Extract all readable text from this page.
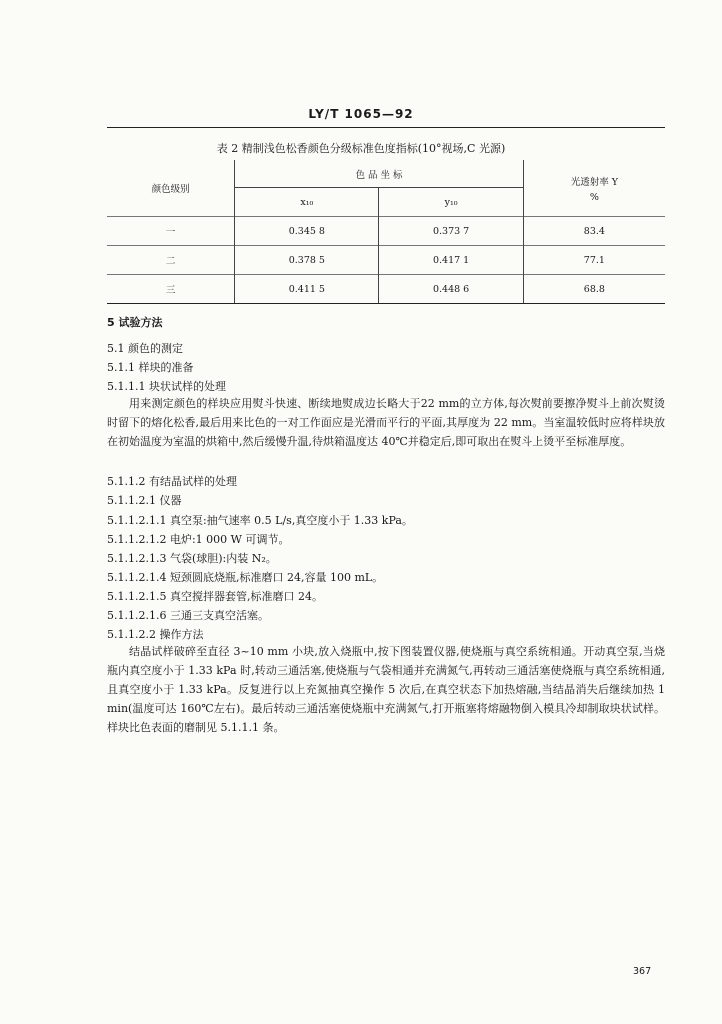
LY/T 1065—92
表 2 精制浅色松香颜色分级标准色度指标(10°视场,C 光源)
颜色级别	色 品 坐 标		光透射率 Y
%

	x₁₀	y₁₀	
一	0.345 8	0.373 7	83.4
二	0.378 5	0.417 1	77.1
三	0.411 5	0.448 6	68.8
5 试验方法
5.1 颜色的测定
5.1.1 样块的准备
5.1.1.1 块状试样的处理
用来测定颜色的样块应用熨斗快速、断续地熨成边长略大于22 mm的立方体,每次熨前要擦净熨斗上前次熨烫时留下的熔化松香,最后用来比色的一对工作面应是光滑而平行的平面,其厚度为 22 mm。当室温较低时应将样块放在初始温度为室温的烘箱中,然后缓慢升温,待烘箱温度达 40℃并稳定后,即可取出在熨斗上烫平至标准厚度。
5.1.1.2 有结晶试样的处理
5.1.1.2.1 仪器
5.1.1.2.1.1 真空泵:抽气速率 0.5 L/s,真空度小于 1.33 kPa。
5.1.1.2.1.2 电炉:1 000 W 可调节。
5.1.1.2.1.3 气袋(球胆):内装 N₂。
5.1.1.2.1.4 短颈圆底烧瓶,标准磨口 24,容量 100 mL。
5.1.1.2.1.5 真空搅拌器套管,标准磨口 24。
5.1.1.2.1.6 三通三支真空活塞。
5.1.1.2.2 操作方法
结晶试样破碎至直径 3~10 mm 小块,放入烧瓶中,按下图装置仪器,使烧瓶与真空系统相通。开动真空泵,当烧瓶内真空度小于 1.33 kPa 时,转动三通活塞,使烧瓶与气袋相通并充满氮气,再转动三通活塞使烧瓶与真空系统相通,且真空度小于 1.33 kPa。反复进行以上充氮抽真空操作 5 次后,在真空状态下加热熔融,当结晶消失后继续加热 1 min(温度可达 160℃左右)。最后转动三通活塞使烧瓶中充满氮气,打开瓶塞将熔融物倒入模具冷却制取块状试样。样块比色表面的磨制见 5.1.1.1 条。
367
